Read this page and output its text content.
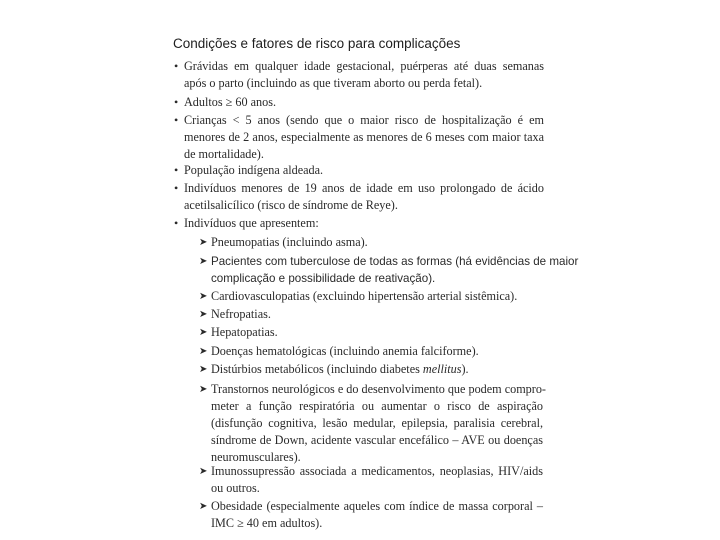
Condições e fatores de risco para complicações
• Grávidas em qualquer idade gestacional, puérperas até duas semanas
após o parto (incluindo as que tiveram aborto ou perda fetal).
• Adultos ≥ 60 anos.
• Crianças < 5 anos (sendo que o maior risco de hospitalização é em
menores de 2 anos, especialmente as menores de 6 meses com maior taxa
de mortalidade).
• População indígena aldeada.
• Indivíduos menores de 19 anos de idade em uso prolongado de ácido
acetilsalicílico (risco de síndrome de Reye).
• Indivíduos que apresentem:
➤ Pneumopatias (incluindo asma).
➤ Pacientes com tuberculose de todas as formas (há evidências de maior
complicação e possibilidade de reativação).
➤ Cardiovasculopatias (excluindo hipertensão arterial sistêmica).
➤ Nefropatias.
➤ Hepatopatias.
➤ Doenças hematológicas (incluindo anemia falciforme).
➤ Distúrbios metabólicos (incluindo diabetes mellitus).
➤ Transtornos neurológicos e do desenvolvimento que podem compro-
meter a função respiratória ou aumentar o risco de aspiração
(disfunção cognitiva, lesão medular, epilepsia, paralisia cerebral,
síndrome de Down, acidente vascular encefálico – AVE ou doenças
neuromusculares).
➤ Imunossupressão associada a medicamentos, neoplasias, HIV/aids
ou outros.
➤ Obesidade (especialmente aqueles com índice de massa corporal –
IMC ≥ 40 em adultos).
